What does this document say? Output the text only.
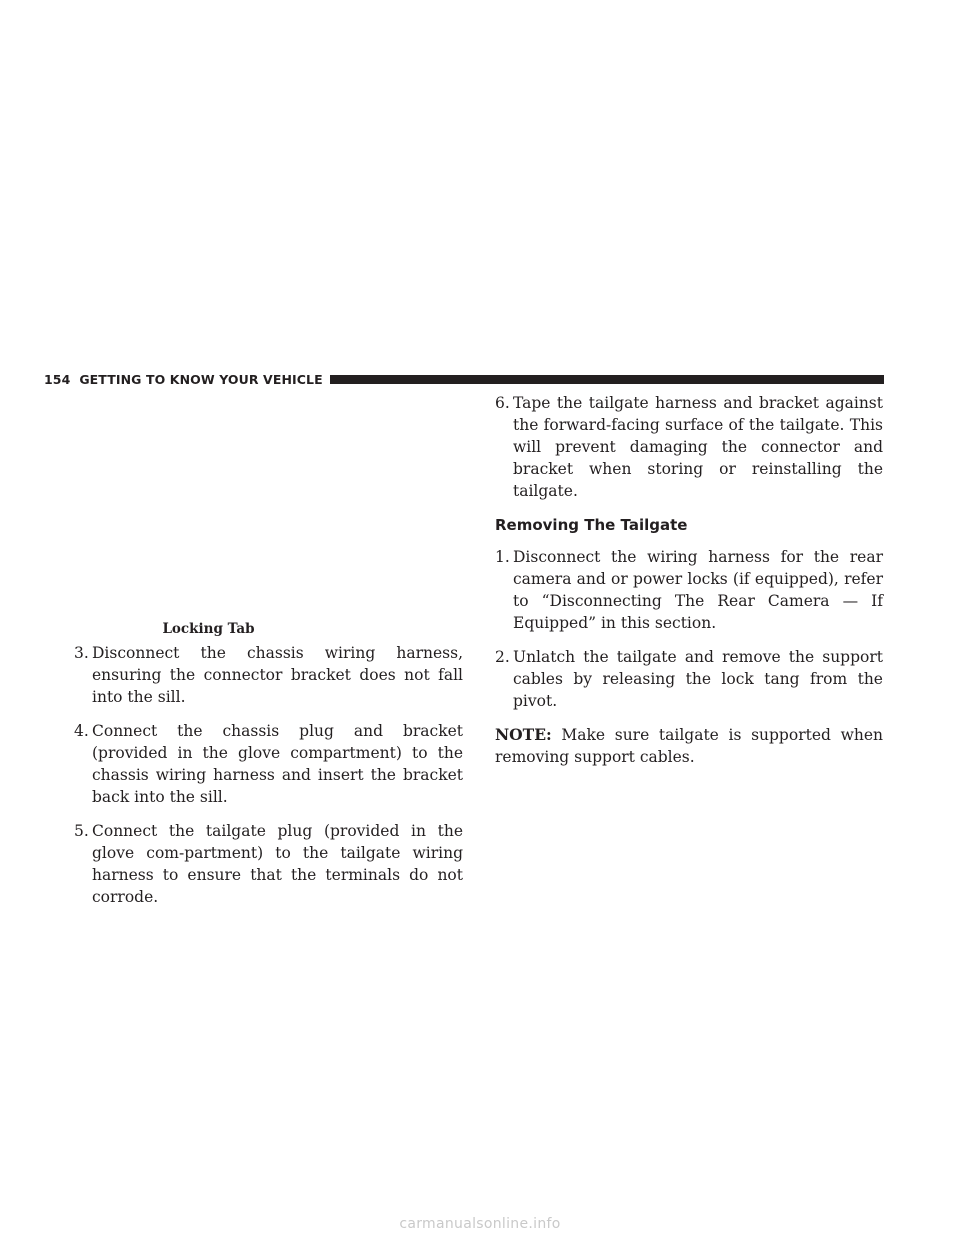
154 GETTING TO KNOW YOUR VEHICLE
Locking Tab

3. Disconnect the chassis wiring harness, ensuring the connector bracket does not fall into the sill.

4. Connect the chassis plug and bracket (provided in the glove compartment) to the chassis wiring harness and insert the bracket back into the sill.

5. Connect the tailgate plug (provided in the glove com-partment) to the tailgate wiring harness to ensure that the terminals do not corrode.

6. Tape the tailgate harness and bracket against the forward-facing surface of the tailgate. This will prevent damaging the connector and bracket when storing or reinstalling the tailgate.

Removing The Tailgate

1. Disconnect the wiring harness for the rear camera and or power locks (if equipped), refer to “Disconnecting The Rear Camera — If Equipped” in this section.

2. Unlatch the tailgate and remove the support cables by releasing the lock tang from the pivot.

NOTE: Make sure tailgate is supported when removing support cables.

carmanualsonline.info
